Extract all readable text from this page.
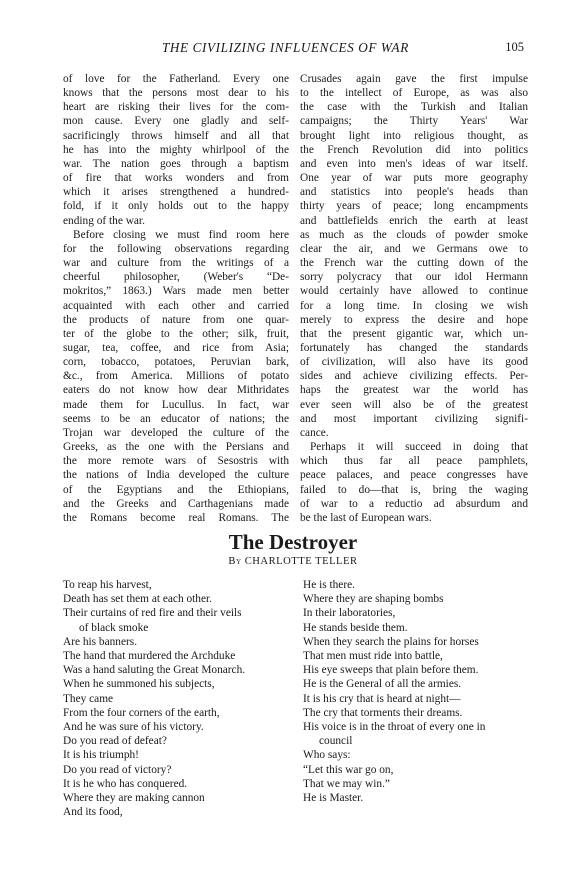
THE CIVILIZING INFLUENCES OF WAR	105
of love for the Fatherland. Every one
knows that the persons most dear to his
heart are risking their lives for the com-
mon cause. Every one gladly and self-
sacrificingly throws himself and all that
he has into the mighty whirlpool of the
war. The nation goes through a baptism
of fire that works wonders and from
which it arises strengthened a hundred-
fold, if it only holds out to the happy
ending of the war.
Before closing we must find room here
for the following observations regarding
war and culture from the writings of a
cheerful philosopher, (Weber's “De-
mokritos,” 1863.) Wars made men better
acquainted with each other and carried
the products of nature from one quar-
ter of the globe to the other; silk, fruit,
sugar, tea, coffee, and rice from Asia;
corn, tobacco, potatoes, Peruvian bark,
&c., from America. Millions of potato
eaters do not know how dear Mithridates
made them for Lucullus. In fact, war
seems to be an educator of nations; the
Trojan war developed the culture of the
Greeks, as the one with the Persians and
the more remote wars of Sesostris with
the nations of India developed the culture
of the Egyptians and the Ethiopians,
and the Greeks and Carthagenians made
the Romans become real Romans. The
Crusades again gave the first impulse
to the intellect of Europe, as was also
the case with the Turkish and Italian
campaigns; the Thirty Years' War
brought light into religious thought, as
the French Revolution did into politics
and even into men's ideas of war itself.
One year of war puts more geography
and statistics into people's heads than
thirty years of peace; long encampments
and battlefields enrich the earth at least
as much as the clouds of powder smoke
clear the air, and we Germans owe to
the French war the cutting down of the
sorry polycracy that our idol Hermann
would certainly have allowed to continue
for a long time. In closing we wish
merely to express the desire and hope
that the present gigantic war, which un-
fortunately has changed the standards
of civilization, will also have its good
sides and achieve civilizing effects. Per-
haps the greatest war the world has
ever seen will also be of the greatest
and most important civilizing signifi-
cance.
Perhaps it will succeed in doing that
which thus far all peace pamphlets,
peace palaces, and peace congresses have
failed to do—that is, bring the waging
of war to a reductio ad absurdum and
be the last of European wars.
The Destroyer
By CHARLOTTE TELLER
To reap his harvest,
Death has set them at each other.
Their curtains of red fire and their veils
of black smoke
Are his banners.
The hand that murdered the Archduke
Was a hand saluting the Great Monarch.
When he summoned his subjects,
They came
From the four corners of the earth,
And he was sure of his victory.
Do you read of defeat?
It is his triumph!
Do you read of victory?
It is he who has conquered.
Where they are making cannon
And its food,
He is there.
Where they are shaping bombs
In their laboratories,
He stands beside them.
When they search the plains for horses
That men must ride into battle,
His eye sweeps that plain before them.
He is the General of all the armies.
It is his cry that is heard at night—
The cry that torments their dreams.
His voice is in the throat of every one in
council
Who says:
“Let this war go on,
That we may win.”
He is Master.
